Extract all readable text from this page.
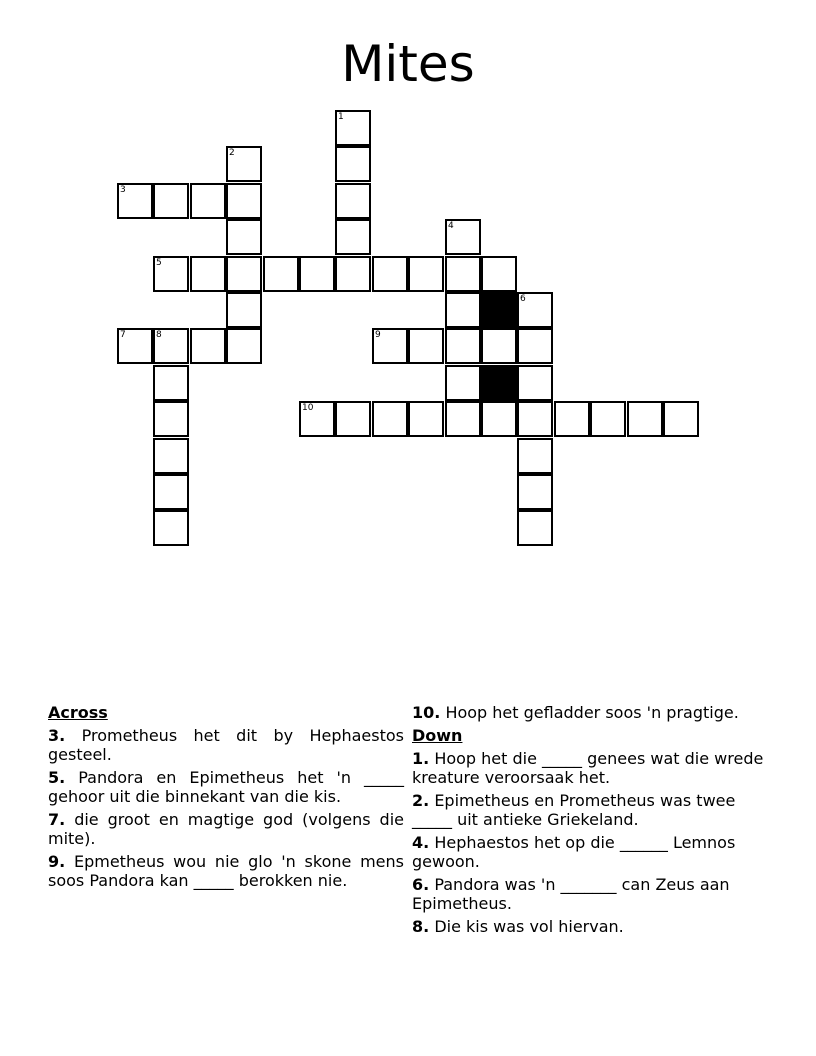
Mites
1
2
3
4
5
6
7	8	9
10
Across
3. Prometheus het dit by Hephaestos gesteel.
5. Pandora en Epimetheus het 'n _____ gehoor uit die binnekant van die kis.
7. die groot en magtige god (volgens die mite).
9. Epmetheus wou nie glo 'n skone mens soos Pandora kan _____ berokken nie.
10. Hoop het gefladder soos 'n pragtige.
Down
1. Hoop het die _____ genees wat die wrede kreature veroorsaak het.
2. Epimetheus en Prometheus was twee _____ uit antieke Griekeland.
4. Hephaestos het op die ______ Lemnos gewoon.
6. Pandora was 'n _______ can Zeus aan Epimetheus.
8. Die kis was vol hiervan.
